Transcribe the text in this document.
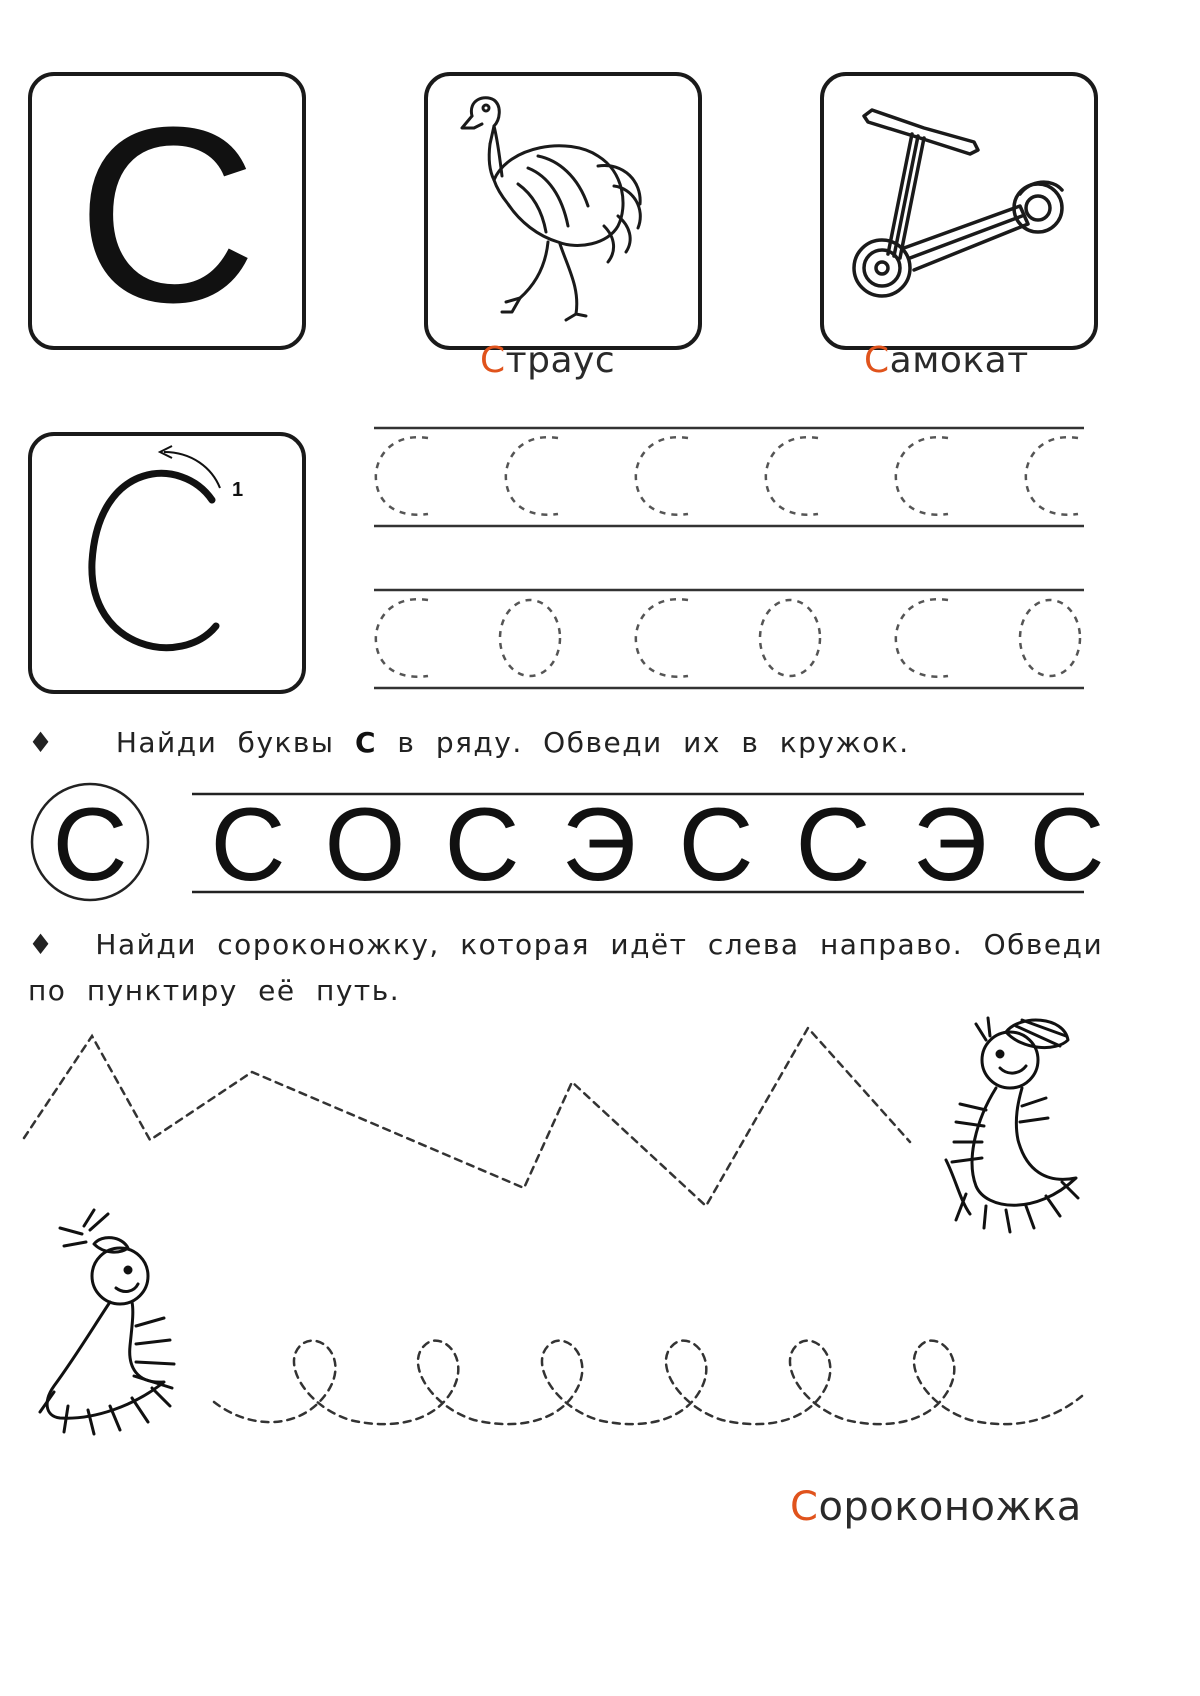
С
Страус	Самокат
1
♦ Найди буквы С в ряду. Обведи их в кружок.
С С О С Э С С Э С
♦ Найди сороконожку, которая идёт слева направо. Обведи
по пунктиру её путь.
Сороконожка
